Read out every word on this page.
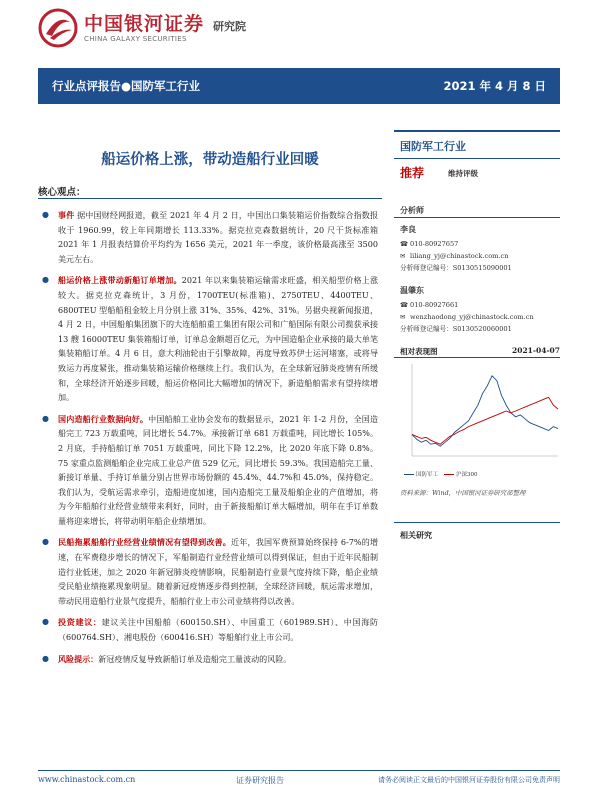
中国银河证券
CHINA GALAXY SECURITIES
研究院
行业点评报告●国防军工行业	2021 年 4 月 8 日
船运价格上涨，带动造船行业回暖
核心观点：
●	事件 据中国财经网报道，截至 2021 年 4 月 2 日，中国出口集装箱运价指数综合指数报收于 1960.99，较上年同期增长 113.33%。据克拉克森数据统计，20 尺干货标准箱 2021 年 1 月报表结算价平均约为 1656 美元，2021 年一季度，该价格最高涨至 3500 美元左右。
●	船运价格上涨带动新船订单增加。2021 年以来集装箱运输需求旺盛，相关船型价格上涨较大。据克拉克森统计，3 月份，1700TEU(标准箱)、2750TEU、4400TEU、6800TEU 型船船租金较上月分别上涨 31%、35%、42%、31%。另据央视新闻报道，4 月 2 日，中国船舶集团旗下的大连船舶重工集团有限公司和广船国际有限公司揽获承接 13 艘 16000TEU 集装箱船订单，订单总金额超百亿元，为中国造船企业承接的最大单笔集装箱船订单。4 月 6 日，意大利油轮由于引擎故障，再度导致苏伊士运河堵塞，或将导致运力再度紧张，推动集装箱运输价格继续上行。我们认为，在全球新冠肺炎疫情有所缓和，全球经济开始逐步回暖，船运价格同比大幅增加的情况下，新造船舶需求有望持续增加。
●	国内造船行业数据向好。中国船舶工业协会发布的数据显示，2021 年 1-2 月份，全国造船完工 723 万载重吨，同比增长 54.7%。承接新订单 681 万载重吨，同比增长 105%。2 月底，手持船舶订单 7051 万载重吨，同比下降 12.2%，比 2020 年底下降 0.8%。75 家重点监测船舶企业完成工业总产值 529 亿元，同比增长 59.3%。我国造船完工量、新接订单量、手持订单量分别占世界市场份额的 45.4%、44.7%和 45.0%，保持稳定。我们认为，受航运需求牵引，造船进度加速，国内造船完工量及船舶企业的产值增加，将为今年船舶行业经营业绩带来利好，同时，由于新接船舶订单大幅增加，明年在手订单数量将迎来增长，将带动明年船企业绩增加。
●	民船拖累船舶行业经营业绩情况有望得到改善。近年，我国军费预算始终保持 6-7%的增速，在军费稳步增长的情况下，军船制造行业经营业绩可以得到保证，但由于近年民船制造行业低迷，加之 2020 年新冠肺炎疫情影响，民船制造行业景气度持续下降，船企业绩受民船业绩拖累现象明显。随着新冠疫情逐步得到控制，全球经济回暖，航运需求增加，带动民用造船行业景气度提升，船舶行业上市公司业绩将得以改善。
●	投资建议：建议关注中国船舶（600150.SH）、中国重工（601989.SH）、中国海防（600764.SH）、湘电股份（600416.SH）等船舶行业上市公司。
●	风险提示：新冠疫情反复导致新船订单及造船完工量波动的风险。
国防军工行业
推荐	维持评级
分析师
李良
☎ 010-80927657
✉ liliang_yj@chinastock.com.cn
分析师登记编号：S0130515090001
温肇东
☎ 010-80927661
✉ wenzhaodong_yj@chinastock.com.cn
分析师登记编号：S0130520060001
相对表现图	2021-04-07
国防军工	沪深300
资料来源：Wind，中国银河证券研究部整理
相关研究
www.chinastock.com.cn	证券研究报告	请务必阅读正文最后的中国银河证券股份有限公司免责声明
